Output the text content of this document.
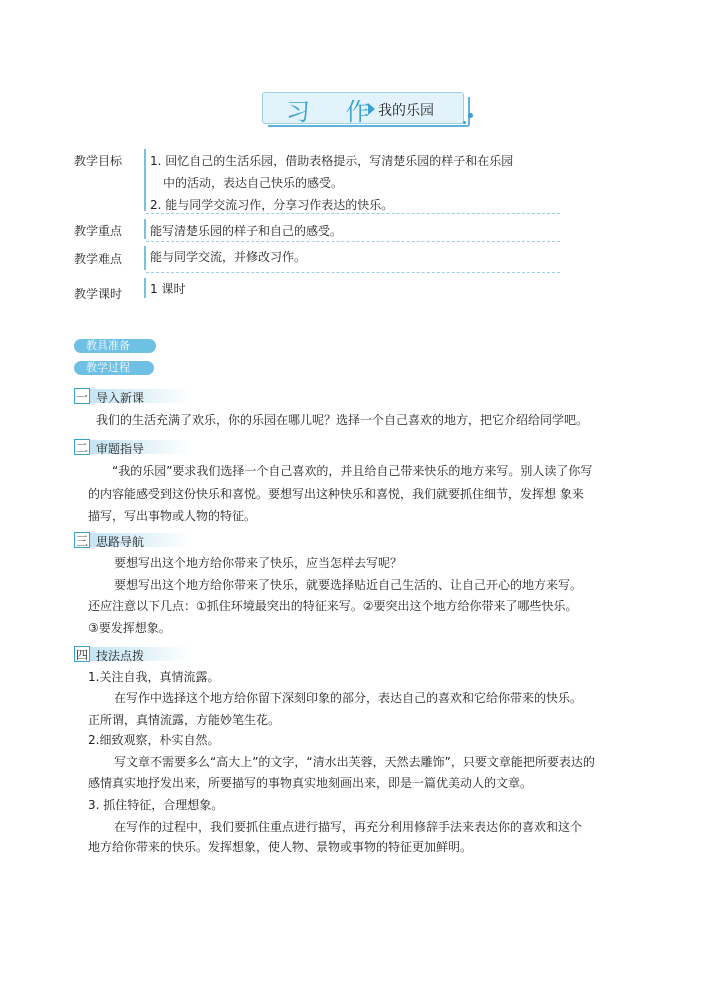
习 作
我的乐园
教学目标 1. 回忆自己的生活乐园，借助表格提示，写清楚乐园的样子和在乐园
中的活动，表达自己快乐的感受。
2. 能与同学交流习作，分享习作表达的快乐。
教学重点 能写清楚乐园的样子和自己的感受。
教学难点 能与同学交流，并修改习作。
教学课时 1 课时
教具准备
教学过程
一 导入新课
我们的生活充满了欢乐，你的乐园在哪儿呢？选择一个自己喜欢的地方，把它介绍给同学吧。
二 审题指导
“我的乐园”要求我们选择一个自己喜欢的，并且给自己带来快乐的地方来写。别人读了你写
的内容能感受到这份快乐和喜悦。要想写出这种快乐和喜悦，我们就要抓住细节，发挥想 象来
描写，写出事物或人物的特征。
三 思路导航
要想写出这个地方给你带来了快乐，应当怎样去写呢？
要想写出这个地方给你带来了快乐，就要选择贴近自己生活的、让自己开心的地方来写。
还应注意以下几点：①抓住环境最突出的特征来写。②要突出这个地方给你带来了哪些快乐。
③要发挥想象。
四 技法点拨
1.关注自我，真情流露。
在写作中选择这个地方给你留下深刻印象的部分，表达自己的喜欢和它给你带来的快乐。
正所谓，真情流露，方能妙笔生花。
2.细致观察，朴实自然。
写文章不需要多么“高大上”的文字，“清水出芙蓉，天然去雕饰”，只要文章能把所要表达的
感情真实地抒发出来，所要描写的事物真实地刻画出来，即是一篇优美动人的文章。
3. 抓住特征，合理想象。
在写作的过程中，我们要抓住重点进行描写，再充分利用修辞手法来表达你的喜欢和这个
地方给你带来的快乐。发挥想象，使人物、景物或事物的特征更加鲜明。
